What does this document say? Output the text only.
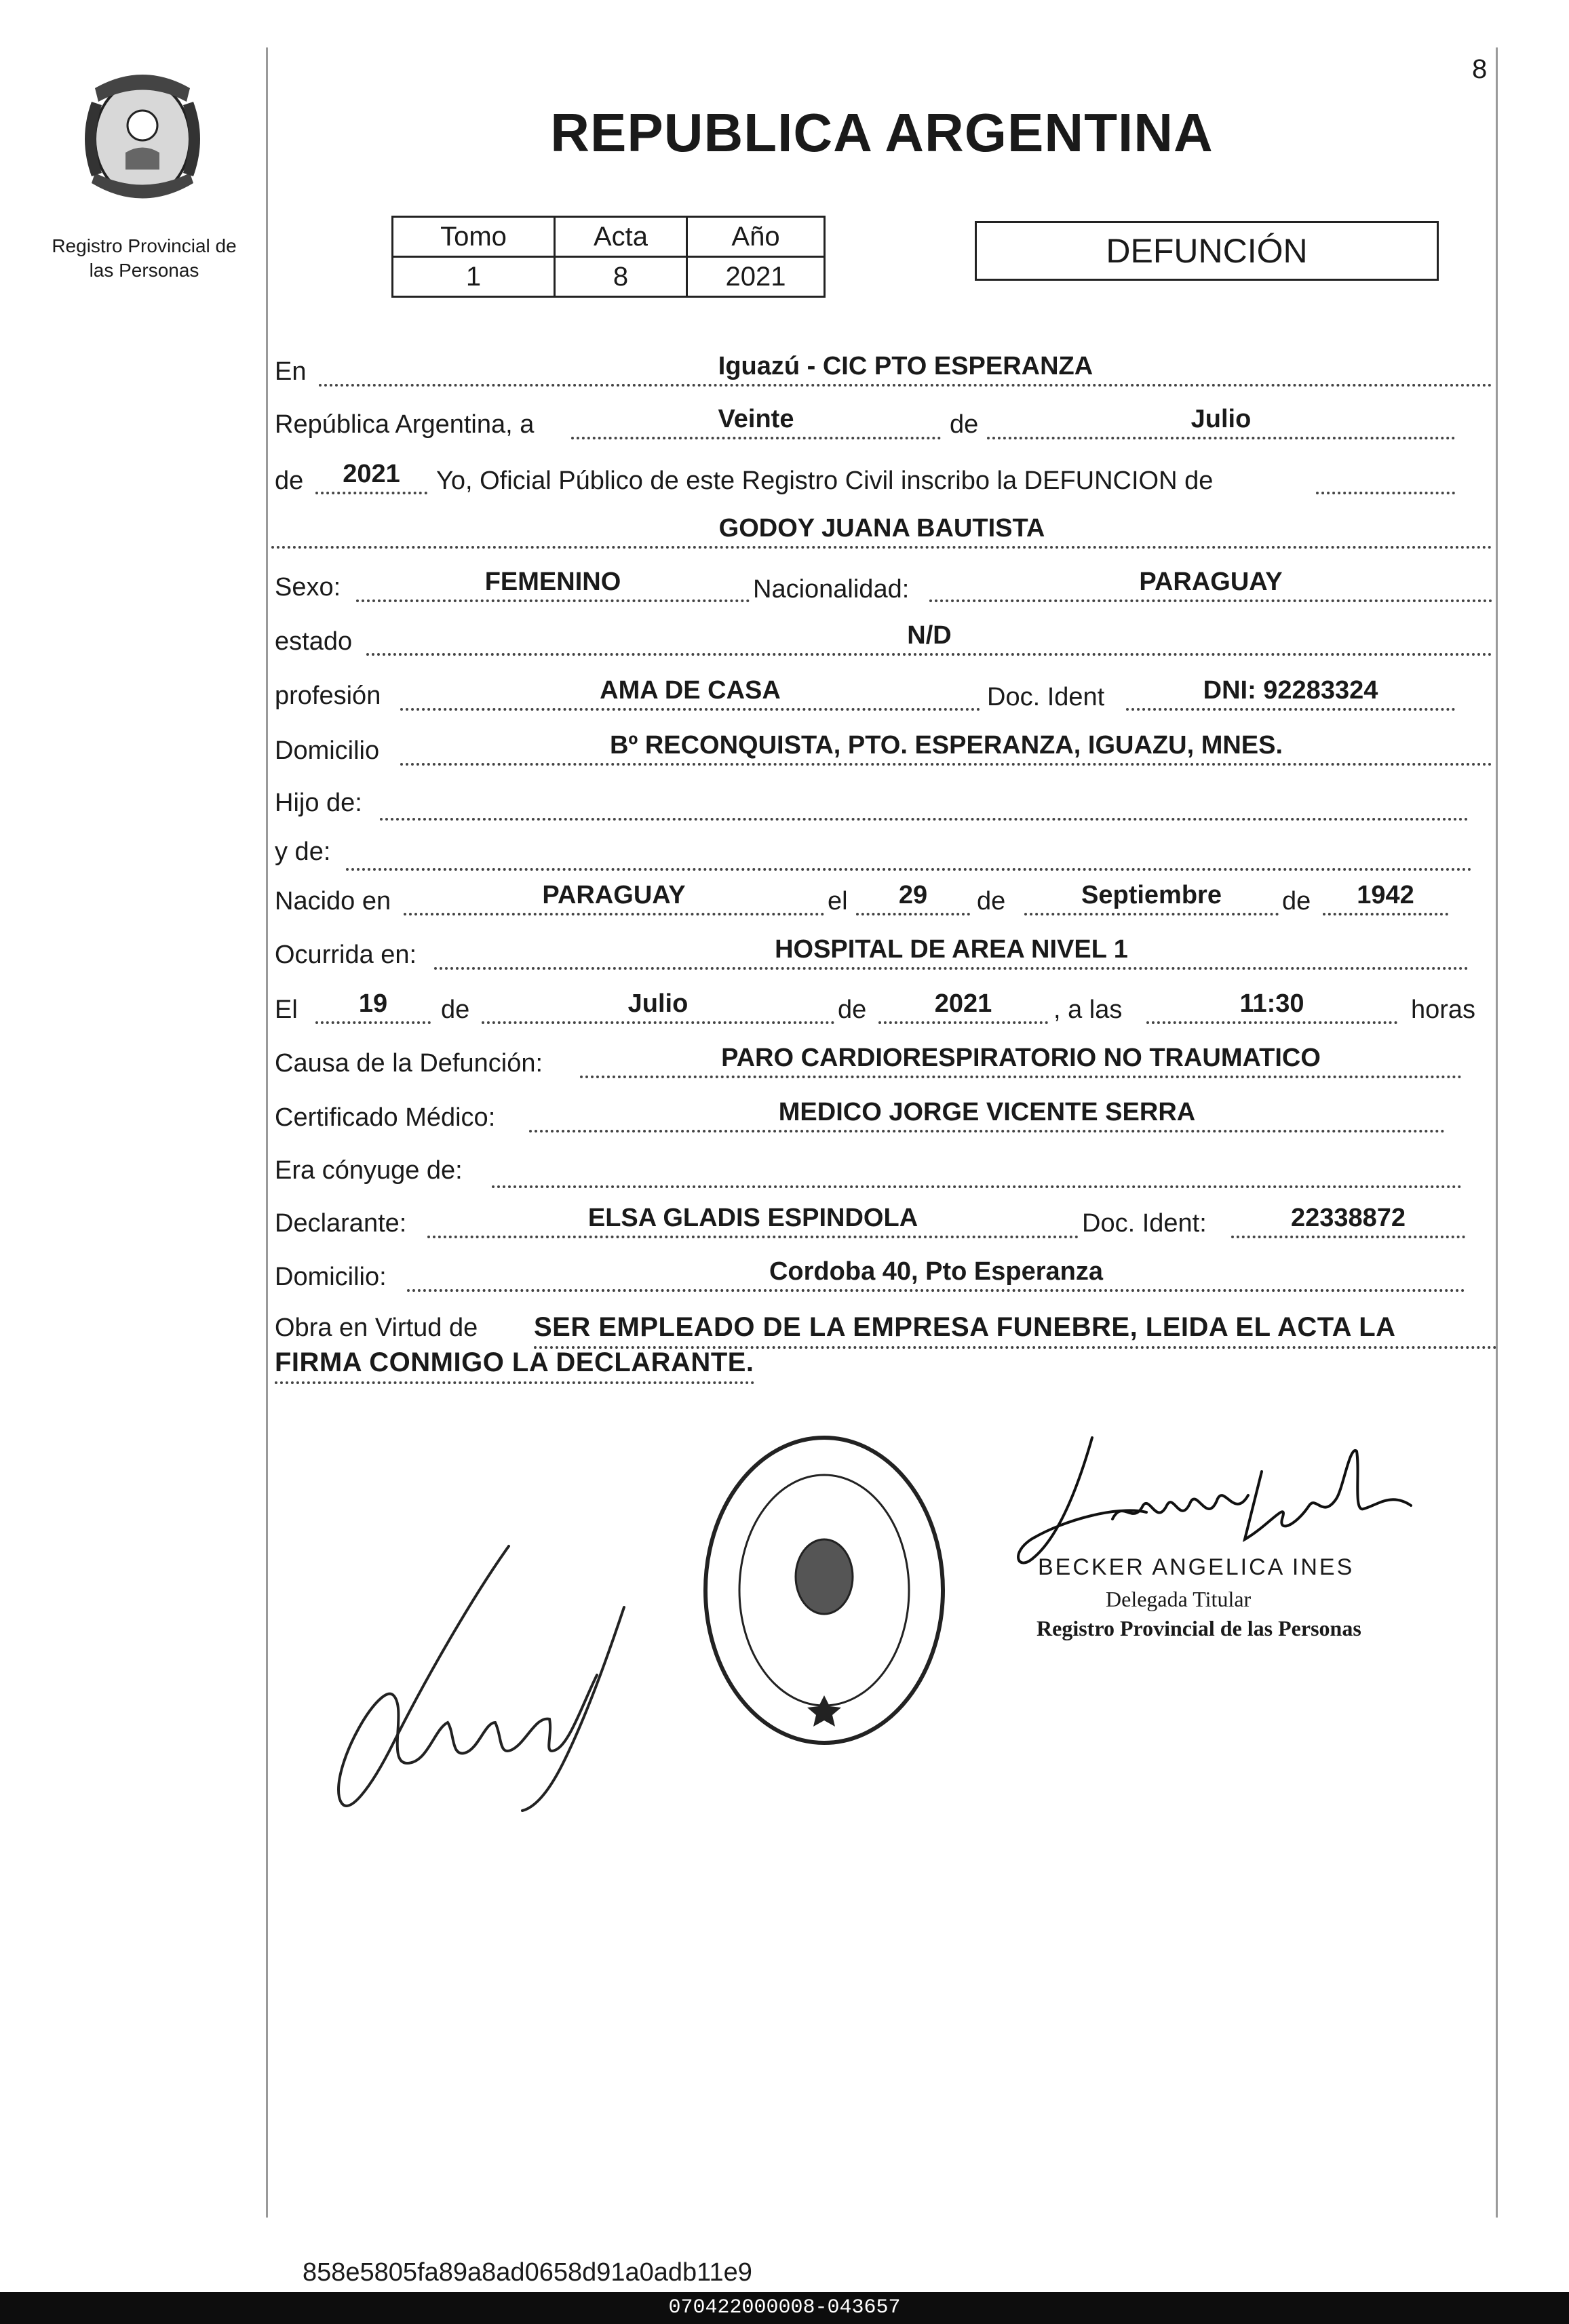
8
Registro Provincial de
las Personas
REPUBLICA ARGENTINA
Tomo	Acta	Año
1	8	2021
DEFUNCIÓN
En	Iguazú - CIC PTO ESPERANZA
República Argentina, a	Veinte	de	Julio
de	2021	Yo, Oficial Público de este Registro Civil inscribo la DEFUNCION de
GODOY JUANA BAUTISTA
Sexo:	FEMENINO	Nacionalidad:	PARAGUAY
estado	N/D
profesión	AMA DE CASA	Doc. Ident	DNI: 92283324
Domicilio	Bº RECONQUISTA, PTO. ESPERANZA, IGUAZU, MNES.
Hijo de:
y de:
Nacido en	PARAGUAY	el	29	de	Septiembre	de	1942
Ocurrida en:	HOSPITAL DE AREA NIVEL 1
El	19	de	Julio	de	2021	, a las	11:30	horas
Causa de la Defunción:	PARO CARDIORESPIRATORIO NO TRAUMATICO
Certificado Médico:	MEDICO JORGE VICENTE SERRA
Era cónyuge de:
Declarante:	ELSA GLADIS ESPINDOLA	Doc. Ident:	22338872
Domicilio:	Cordoba 40, Pto Esperanza
Obra en Virtud de SER EMPLEADO DE LA EMPRESA FUNEBRE, LEIDA EL ACTA LA
FIRMA CONMIGO LA DECLARANTE.
BECKER ANGELICA INES
Delegada Titular
Registro Provincial de las Personas
858e5805fa89a8ad0658d91a0adb11e9
070422000008-043657
